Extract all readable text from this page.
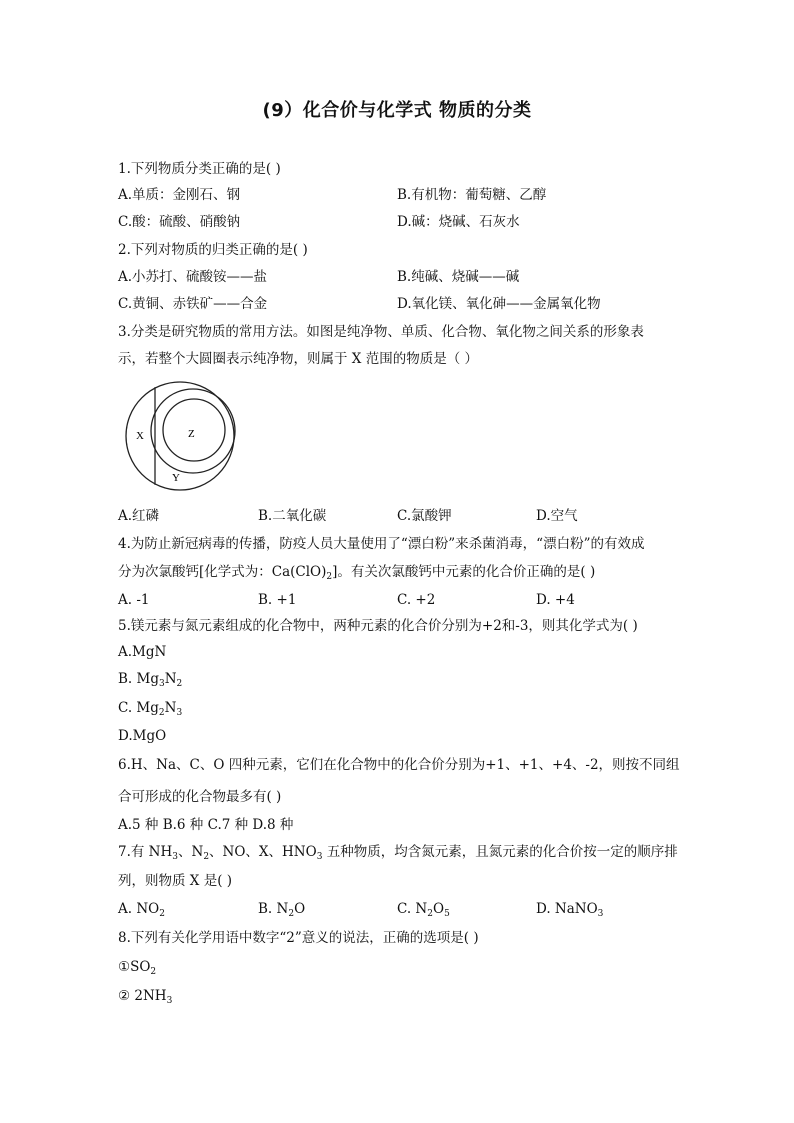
(9）化合价与化学式 物质的分类
1.下列物质分类正确的是( )
A.单质：金刚石、钢	B.有机物：葡萄糖、乙醇
C.酸：硫酸、硝酸钠	D.碱：烧碱、石灰水
2.下列对物质的归类正确的是( )
A.小苏打、硫酸铵——盐	B.纯碱、烧碱——碱
C.黄铜、赤铁矿——合金	D.氧化镁、氧化砷——金属氧化物
3.分类是研究物质的常用方法。如图是纯净物、单质、化合物、氧化物之间关系的形象表
示，若整个大圆圈表示纯净物，则属于 X 范围的物质是（ ）
X	Z
Y
A.红磷	B.二氧化碳	C.氯酸钾	D.空气
4.为防止新冠病毒的传播，防疫人员大量使用了“漂白粉”来杀菌消毒，“漂白粉”的有效成
分为次氯酸钙[化学式为：$Ca(ClO)_2$]。有关次氯酸钙中元素的化合价正确的是( )
A. -1	B. +1	C. +2	D. +4
5.镁元素与氮元素组成的化合物中，两种元素的化合价分别为+2和-3，则其化学式为( )
A.MgN
B. $Mg_3N_2$
C. $Mg_2N_3$
D.MgO
6.H、Na、C、O 四种元素，它们在化合物中的化合价分别为+1、+1、+4、-2，则按不同组
合可形成的化合物最多有( )
A.5 种 B.6 种 C.7 种 D.8 种
7.有 $NH_3$、$N_2$、NO、X、$HNO_3$ 五种物质，均含氮元素，且氮元素的化合价按一定的顺序排
列，则物质 X 是( )
A. $NO_2$	B. $N_2O$	C. $N_2O_5$	D. NaNO$_3$
8.下列有关化学用语中数字“2”意义的说法，正确的选项是( )
$①SO_2$
② $2NH_3$
